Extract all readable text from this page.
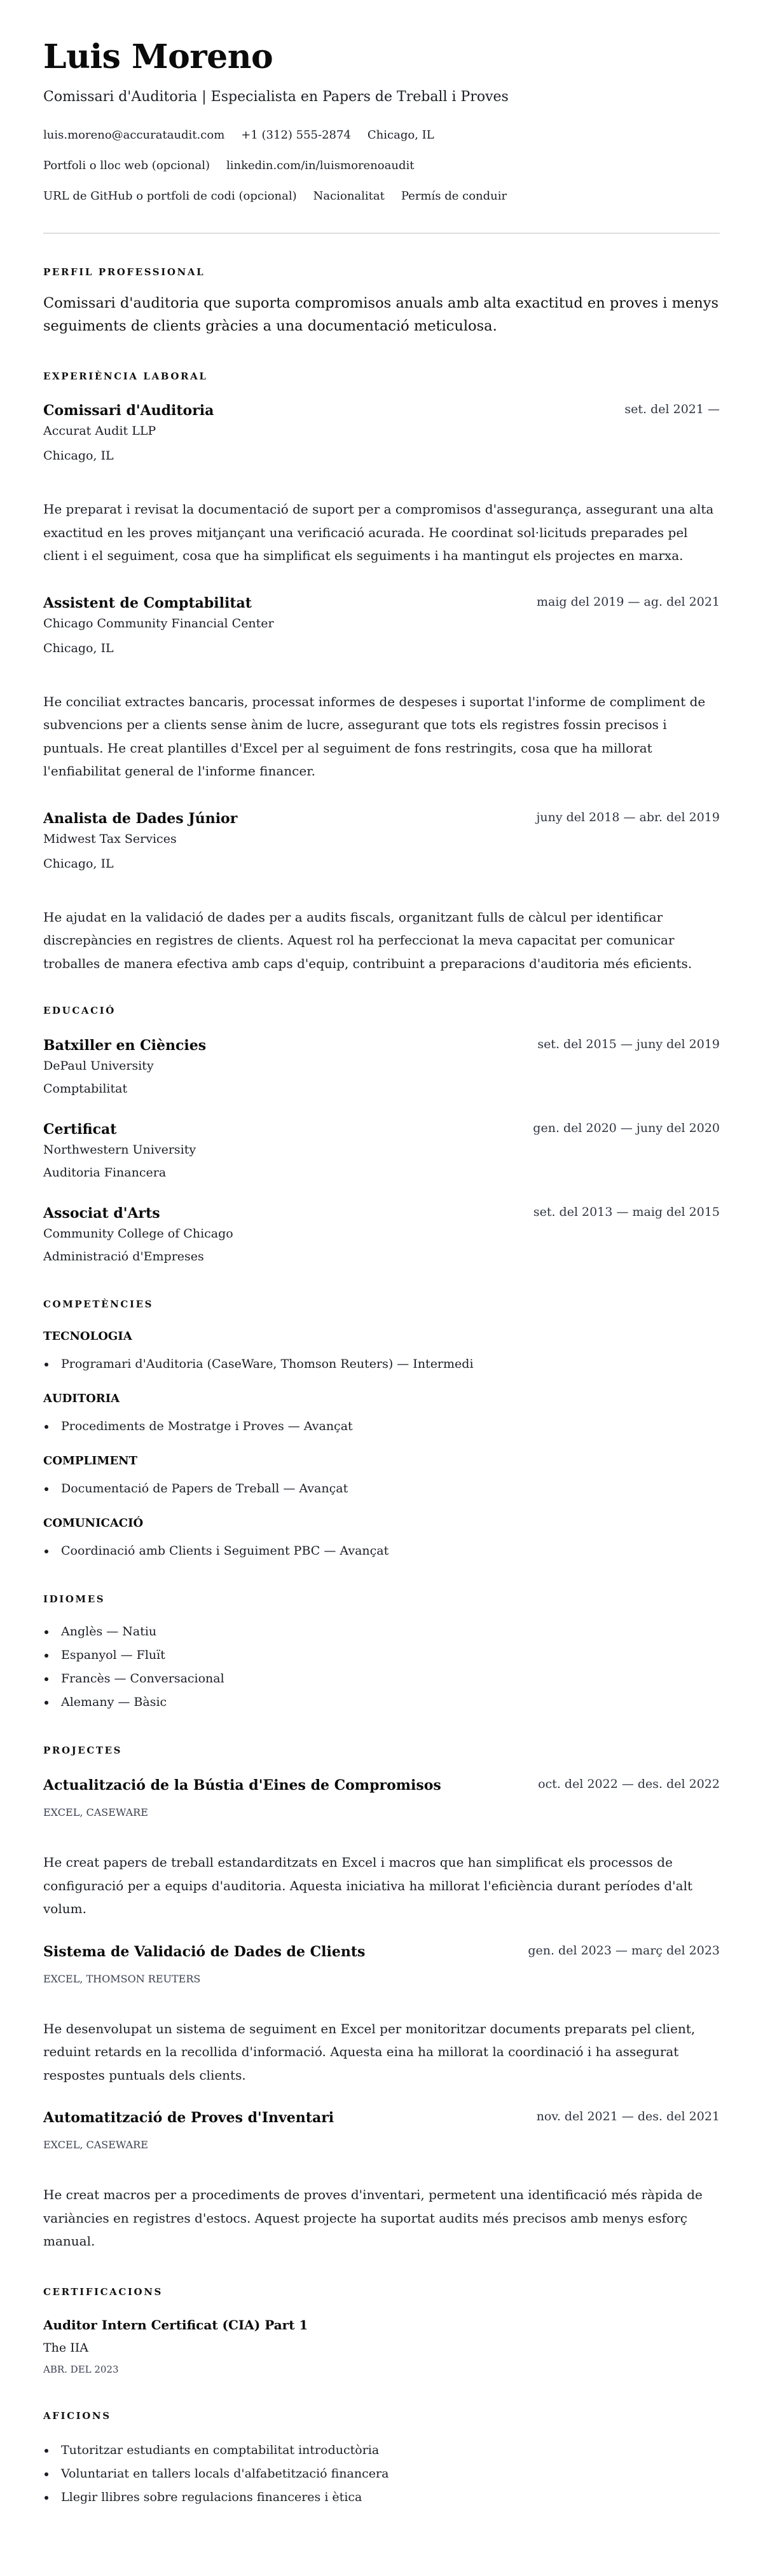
Luis Moreno
Comissari d'Auditoria | Especialista en Papers de Treball i Proves
luis.moreno@accurataudit.com +1 (312) 555-2874 Chicago, IL
Portfoli o lloc web (opcional) linkedin.com/in/luismorenoaudit
URL de GitHub o portfoli de codi (opcional) Nacionalitat Permís de conduir
PERFIL PROFESSIONAL
Comissari d'auditoria que suporta compromisos anuals amb alta exactitud en proves i menys seguiments de clients gràcies a una documentació meticulosa.
EXPERIÈNCIA LABORAL
Comissari d'Auditoria	set. del 2021 —
Accurat Audit LLP
Chicago, IL
He preparat i revisat la documentació de suport per a compromisos d'assegurança, assegurant una alta exactitud en les proves mitjançant una verificació acurada. He coordinat sol·licituds preparades pel client i el seguiment, cosa que ha simplificat els seguiments i ha mantingut els projectes en marxa.
Assistent de Comptabilitat	maig del 2019 — ag. del 2021
Chicago Community Financial Center
Chicago, IL
He conciliat extractes bancaris, processat informes de despeses i suportat l'informe de compliment de subvencions per a clients sense ànim de lucre, assegurant que tots els registres fossin precisos i puntuals. He creat plantilles d'Excel per al seguiment de fons restringits, cosa que ha millorat l'enfiabilitat general de l'informe financer.
Analista de Dades Júnior	juny del 2018 — abr. del 2019
Midwest Tax Services
Chicago, IL
He ajudat en la validació de dades per a audits fiscals, organitzant fulls de càlcul per identificar discrepàncies en registres de clients. Aquest rol ha perfeccionat la meva capacitat per comunicar troballes de manera efectiva amb caps d'equip, contribuint a preparacions d'auditoria més eficients.
EDUCACIÓ
Batxiller en Ciències	set. del 2015 — juny del 2019
DePaul University
Comptabilitat
Certificat	gen. del 2020 — juny del 2020
Northwestern University
Auditoria Financera
Associat d'Arts	set. del 2013 — maig del 2015
Community College of Chicago
Administració d'Empreses
COMPETÈNCIES
TECNOLOGIA
Programari d'Auditoria (CaseWare, Thomson Reuters) — Intermedi
AUDITORIA
Procediments de Mostratge i Proves — Avançat
COMPLIMENT
Documentació de Papers de Treball — Avançat
COMUNICACIÓ
Coordinació amb Clients i Seguiment PBC — Avançat
IDIOMES
Anglès — Natiu
Espanyol — Fluït
Francès — Conversacional
Alemany — Bàsic
PROJECTES
Actualització de la Bústia d'Eines de Compromisos	oct. del 2022 — des. del 2022
EXCEL, CASEWARE
He creat papers de treball estandarditzats en Excel i macros que han simplificat els processos de configuració per a equips d'auditoria. Aquesta iniciativa ha millorat l'eficiència durant períodes d'alt volum.
Sistema de Validació de Dades de Clients	gen. del 2023 — març del 2023
EXCEL, THOMSON REUTERS
He desenvolupat un sistema de seguiment en Excel per monitoritzar documents preparats pel client, reduint retards en la recollida d'informació. Aquesta eina ha millorat la coordinació i ha assegurat respostes puntuals dels clients.
Automatització de Proves d'Inventari	nov. del 2021 — des. del 2021
EXCEL, CASEWARE
He creat macros per a procediments de proves d'inventari, permetent una identificació més ràpida de variàncies en registres d'estocs. Aquest projecte ha suportat audits més precisos amb menys esforç manual.
CERTIFICACIONS
Auditor Intern Certificat (CIA) Part 1
The IIA
ABR. DEL 2023
AFICIONS
Tutoritzar estudiants en comptabilitat introductòria
Voluntariat en tallers locals d'alfabetització financera
Llegir llibres sobre regulacions financeres i ètica
